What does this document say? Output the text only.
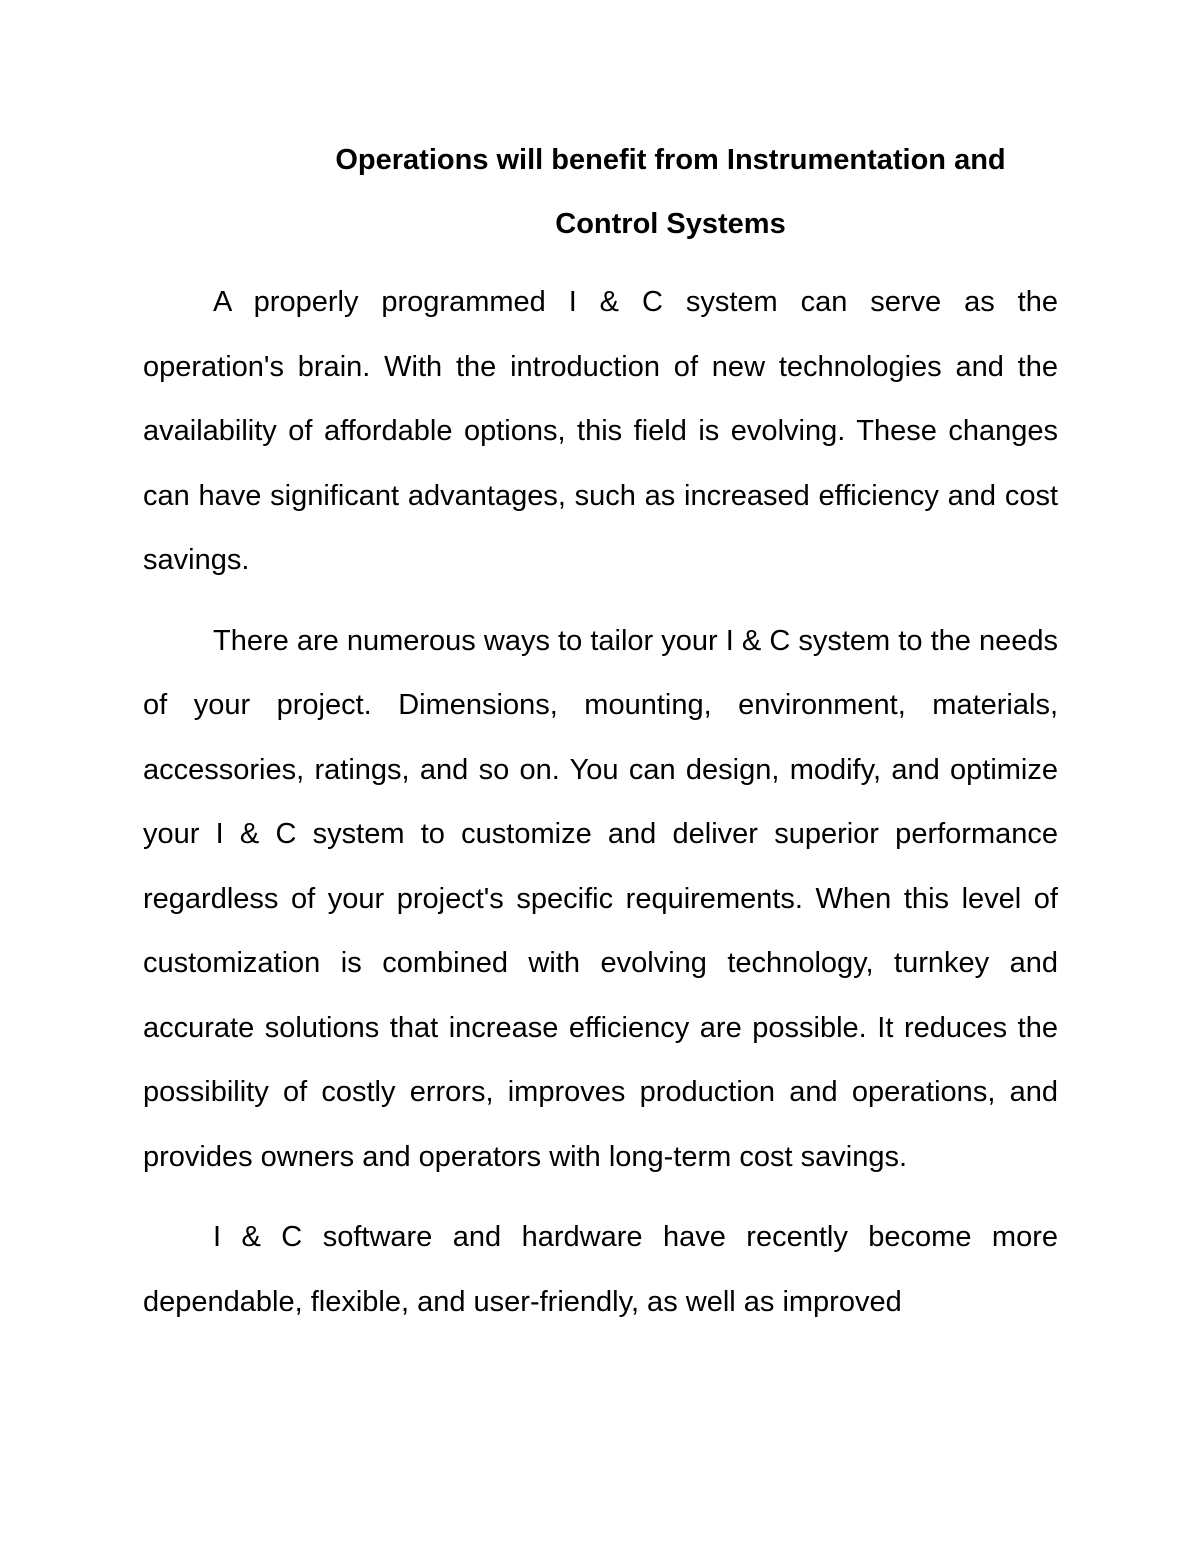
Operations will benefit from Instrumentation and Control Systems

A properly programmed I & C system can serve as the operation's brain. With the introduction of new technologies and the availability of affordable options, this field is evolving. These changes can have significant advantages, such as increased efficiency and cost savings.

There are numerous ways to tailor your I & C system to the needs of your project. Dimensions, mounting, environment, materials, accessories, ratings, and so on. You can design, modify, and optimize your I & C system to customize and deliver superior performance regardless of your project's specific requirements. When this level of customization is combined with evolving technology, turnkey and accurate solutions that increase efficiency are possible. It reduces the possibility of costly errors, improves production and operations, and provides owners and operators with long-term cost savings.

I & C software and hardware have recently become more dependable, flexible, and user-friendly, as well as improved
